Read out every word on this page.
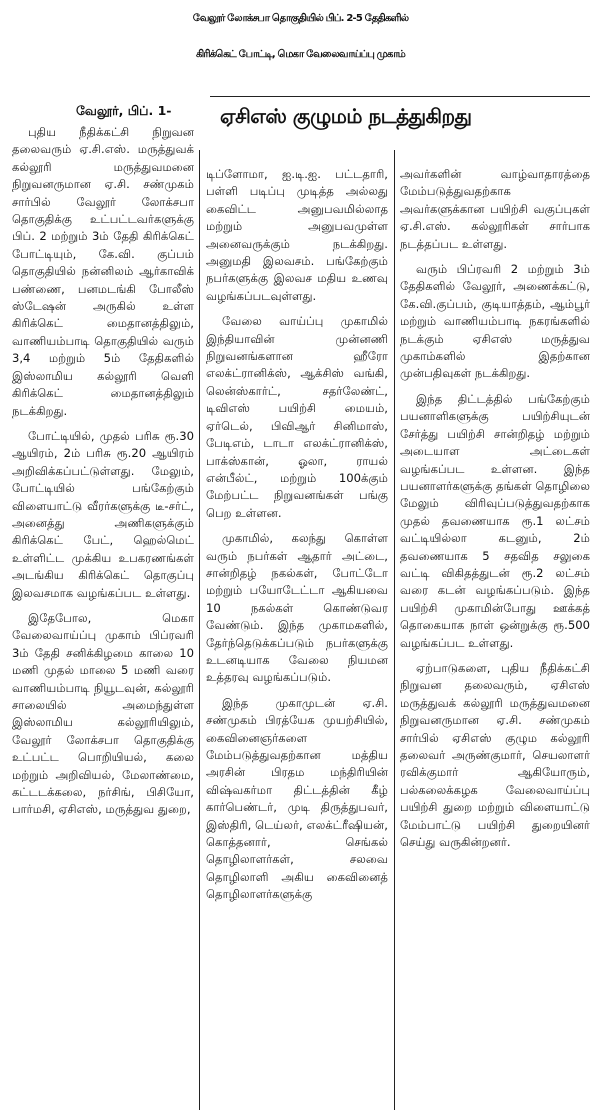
வேலூர் லோக்சபா தொகுதியில் பிப். 2-5 தேதிகளில்
கிரிக்கெட் போட்டி, மெகா வேலைவாய்ப்பு முகாம்
ஏசிஎஸ் குழுமம் நடத்துகிறது
வேலூர், பிப். 1-

புதிய நீதிக்கட்சி நிறுவன தலைவரும் ஏ.சி.எஸ். மருத்துவக் கல்லூரி மருத்துவமனை நிறுவனருமான ஏ.சி. சண்முகம் சார்பில் வேலூர் லோக்சபா தொகுதிக்கு உட்பட்டவர்களுக்கு பிப். 2 மற்றும் 3ம் தேதி கிரிக்கெட் போட்டியும், கே.வி. குப்பம் தொகுதியில் நன்னிலம் ஆர்காவிக் பண்ணை, பனமடங்கி போலீஸ் ஸ்டேஷன் அருகில் உள்ள கிரிக்கெட் மைதானத்திலும், வாணியம்பாடி தொகுதியில் வரும் 3,4 மற்றும் 5ம் தேதிகளில் இஸ்லாமிய கல்லூரி வெளி கிரிக்கெட் மைதானத்திலும் நடக்கிறது.

போட்டியில், முதல் பரிசு ரூ.30 ஆயிரம், 2ம் பரிசு ரூ.20 ஆயிரம் அறிவிக்கப்பட்டுள்ளது. மேலும், போட்டியில் பங்கேற்கும் விளையாட்டு வீரர்களுக்கு டீ-சர்ட், அனைத்து அணிகளுக்கும் கிரிக்கெட் பேட், ஹெல்மெட் உள்ளிட்ட முக்கிய உபகரணங்கள் அடங்கிய கிரிக்கெட் தொகுப்பு இலவசமாக வழங்கப்பட உள்ளது.

இதேபோல, மெகா வேலைவாய்ப்பு முகாம் பிப்ரவரி 3ம் தேதி சனிக்கிழமை காலை 10 மணி முதல் மாலை 5 மணி வரை வாணியம்பாடி நியூடவுன், கல்லூரி சாலையில் அமைந்துள்ள இஸ்லாமிய கல்லூரியிலும், வேலூர் லோக்சபா தொகுதிக்கு உட்பட்ட பொறியியல், கலை மற்றும் அறிவியல், மேலாண்மை, கட்டடக்கலை, நர்சிங், பிசியோ, பார்மசி, ஏசிஎஸ், மருத்துவ துறை,

டிப்ளோமா, ஐ.டி.ஐ. பட்டதாரி, பள்ளி படிப்பு முடித்த அல்லது கைவிட்ட அனுபவமில்லாத மற்றும் அனுபவமுள்ள அனைவருக்கும் நடக்கிறது. அனுமதி இலவசம். பங்கேற்கும் நபர்களுக்கு இலவச மதிய உணவு வழங்கப்படவுள்ளது.

வேலை வாய்ப்பு முகாமில் இந்தியாவின் முன்னணி நிறுவனங்களான ஹீரோ எலக்ட்ரானிக்ஸ், ஆக்சிஸ் வங்கி, லென்ஸ்கார்ட், சதர்லேண்ட், டிவிஎஸ் பயிற்சி மையம், ஏர்டெல், பிவிஆர் சினிமாஸ், பேடிஎம், டாடா எலக்ட்ரானிக்ஸ், பாக்ஸ்கான், ஓலா, ராயல் என்பீல்ட், மற்றும் 100க்கும் மேற்பட்ட நிறுவனங்கள் பங்கு பெற உள்ளன.

முகாமில், கலந்து கொள்ள வரும் நபர்கள் ஆதார் அட்டை, சான்றிதழ் நகல்கள், போட்டோ மற்றும் பயோடேட்டா ஆகியவை 10 நகல்கள் கொண்டுவர வேண்டும். இந்த முகாமகளில், தேர்ந்தெடுக்கப்படும் நபர்களுக்கு உடனடியாக வேலை நியமன உத்தரவு வழங்கப்படும்.

இந்த முகாமுடன் ஏ.சி. சண்முகம் பிரத்யேக முயற்சியில், கைவினைஞர்களை மேம்படுத்துவதற்கான மத்திய அரசின் பிரதம மந்திரியின் விஷ்வகர்மா திட்டத்தின் கீழ் கார்பெண்டர், முடி திருத்துபவர், இஸ்திரி, டெய்லர், எலக்ட்ரீஷியன், கொத்தனார், செங்கல் தொழிலாளர்கள், சலவை தொழிலாளி அகிய கைவினைத் தொழிலாளர்களுக்கு

அவர்களின் வாழ்வாதாரத்தை மேம்படுத்துவதற்காக அவர்களுக்கான பயிற்சி வகுப்புகள் ஏ.சி.எஸ். கல்லூரிகள் சார்பாக நடத்தப்பட உள்ளது.

வரும் பிப்ரவரி 2 மற்றும் 3ம் தேதிகளில் வேலூர், அணைக்கட்டு, கே.வி.குப்பம், குடியாத்தம், ஆம்பூர் மற்றும் வாணியம்பாடி நகரங்களில் நடக்கும் ஏசிஎஸ் மருத்துவ முகாம்களில் இதற்கான முன்பதிவுகள் நடக்கிறது.

இந்த திட்டத்தில் பங்கேற்கும் பயனாளிகளுக்கு பயிற்சியுடன் சேர்த்து பயிற்சி சான்றிதழ் மற்றும் அடையாள அட்டைகள் வழங்கப்பட உள்ளன. இந்த பயனாளர்களுக்கு தங்கள் தொழிலை மேலும் விரிவுப்படுத்துவதற்காக முதல் தவணையாக ரூ.1 லட்சம் வட்டியில்லா கடனும், 2ம் தவணையாக 5 சதவித சலுகை வட்டி விகிதத்துடன் ரூ.2 லட்சம் வரை கடன் வழங்கப்படும். இந்த பயிற்சி முகாமின்போது ஊக்கத் தொகையாக நாள் ஒன்றுக்கு ரூ.500 வழங்கப்பட உள்ளது.

ஏற்பாடுகளை, புதிய நீதிக்கட்சி நிறுவன தலைவரும், ஏசிஎஸ் மருத்துவக் கல்லூரி மருத்துவமனை நிறுவனருமான ஏ.சி. சண்முகம் சார்பில் ஏசிஎஸ் குழும கல்லூரி தலைவர் அருண்குமார், செயலாளர் ரவிக்குமார் ஆகியோரும், பல்கலைக்கழக வேலைவாய்ப்பு பயிற்சி துறை மற்றும் விளையாட்டு மேம்பாட்டு பயிற்சி துறையினர் செய்து வருகின்றனர்.
